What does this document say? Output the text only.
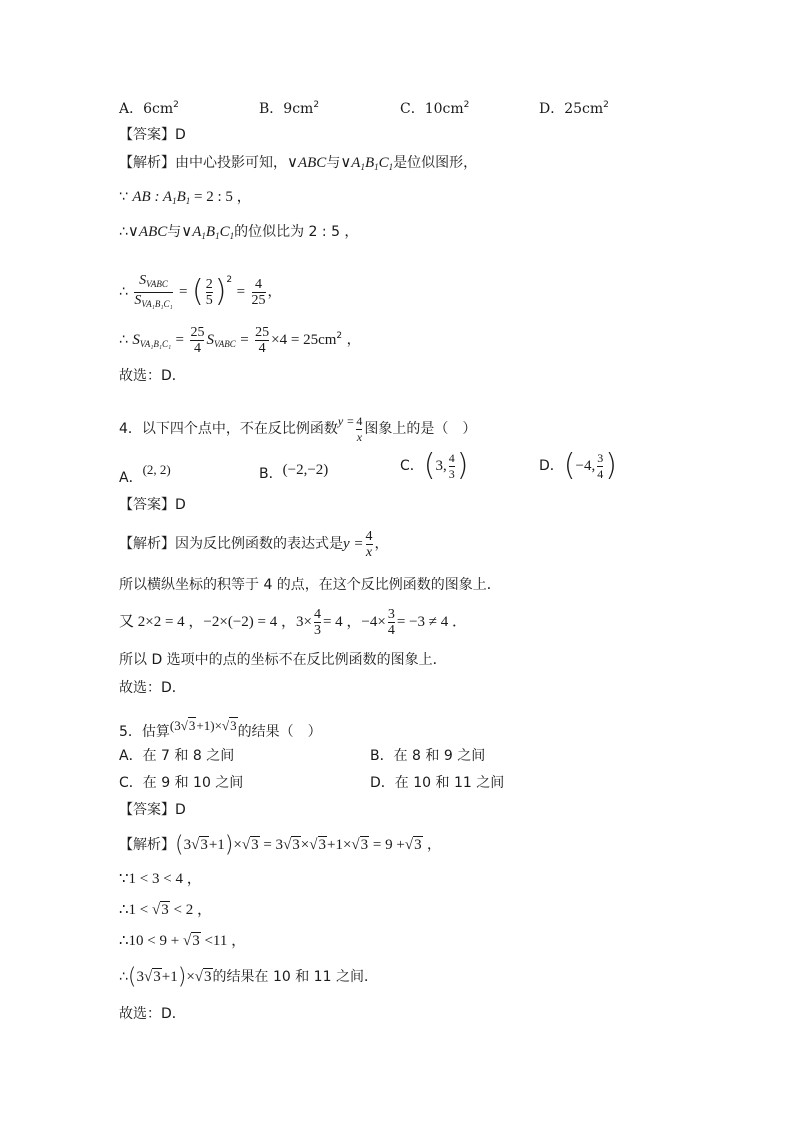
A．$6cm^2$	B．$9cm^2$	C．$10cm^2$	D．$25cm^2$
【答案】D
【解析】由中心投影可知，∨ABC与$\vee A_1B_1C_1$是位似图形，
∵ AB : $A_1B_1 = 2$ : 5 ，
∴∨ABC与$\vee A_1B_1C_1$的位似比为 2 : 5 ，
∴ $\frac{S_{VABC}}{S_{VA_1B_1C_1}}$ = ( $\frac{2}{5} )^2 = \frac{4}{25}$ ，
∴ $S_{VA_1B_1C_1} = \frac{25}{4} S_{VABC} = \frac{25}{4} \times 4 = 25cm^2$ ，
故选：D．
4．以下四个点中，不在反比例函数$y = \frac{4}{x}$ 图象上的是（　）
A．(2, 2)	B．(−2,−2)	C．(3, $\frac{4}{3}$ )	D．(−4, $\frac{3}{4}$ )
【答案】D
【解析】因为反比例函数的表达式是$y = \frac{4}{x}$ ，
所以横纵坐标的积等于 4 的点，在这个反比例函数的图象上．
又 2×2 = 4 ，−2×(−2) = 4 ，$3\times \frac{4}{3} = 4$ ，$-4\times \frac{3}{4} = -3 \ne 4$ ．
所以 D 选项中的点的坐标不在反比例函数的图象上．
故选：D．
5．估算(3√3+1)×√3的结果（　）
A．在 7 和 8 之间	B．在 8 和 9 之间
C．在 9 和 10 之间	D．在 10 和 11 之间
【答案】D
【解析】(3√3+1)×√3 = 3√3×√3+1×√3 = 9 +√3 ，
∵1 < 3 < 4 ，
∴1 < √3 < 2 ，
∴10 < 9 + √3 <11 ，
∴(3√3+1)×√3的结果在 10 和 11 之间．
故选：D．
